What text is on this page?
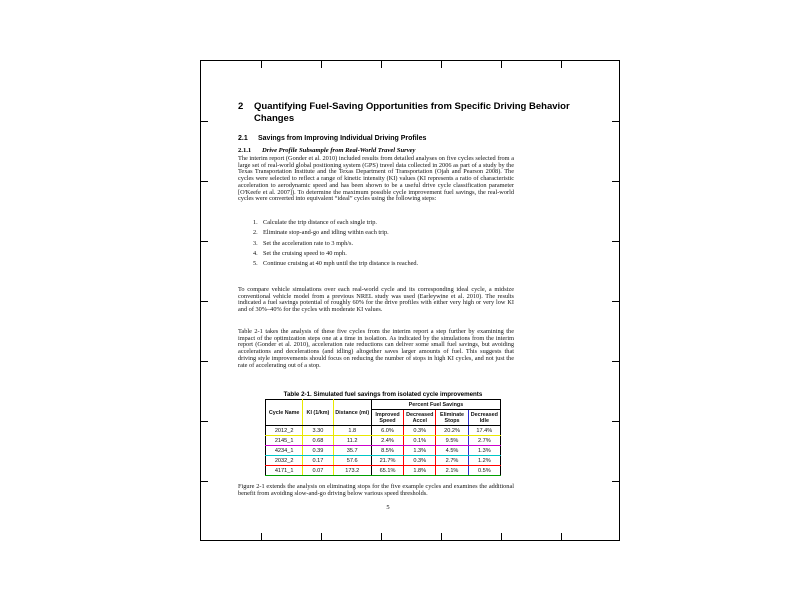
2 Quantifying Fuel-Saving Opportunities from Specific Driving Behavior Changes
2.1 Savings from Improving Individual Driving Profiles
2.1.1 Drive Profile Subsample from Real-World Travel Survey
The interim report (Gonder et al. 2010) included results from detailed analyses on five cycles selected from a large set of real-world global positioning system (GPS) travel data collected in 2006 as part of a study by the Texas Transportation Institute and the Texas Department of Transportation (Ojah and Pearson 2008). The cycles were selected to reflect a range of kinetic intensity (KI) values (KI represents a ratio of characteristic acceleration to aerodynamic speed and has been shown to be a useful drive cycle classification parameter [O'Keefe et al. 2007]). To determine the maximum possible cycle improvement fuel savings, the real-world cycles were converted into equivalent “ideal” cycles using the following steps:
1. Calculate the trip distance of each single trip.
2. Eliminate stop-and-go and idling within each trip.
3. Set the acceleration rate to 3 mph/s.
4. Set the cruising speed to 40 mph.
5. Continue cruising at 40 mph until the trip distance is reached.
To compare vehicle simulations over each real-world cycle and its corresponding ideal cycle, a midsize conventional vehicle model from a previous NREL study was used (Earleywine et al. 2010). The results indicated a fuel savings potential of roughly 60% for the drive profiles with either very high or very low KI and of 30%–40% for the cycles with moderate KI values.
Table 2-1 takes the analysis of these five cycles from the interim report a step further by examining the impact of the optimization steps one at a time in isolation. As indicated by the simulations from the interim report (Gonder et al. 2010), acceleration rate reductions can deliver some small fuel savings, but avoiding accelerations and decelerations (and idling) altogether saves larger amounts of fuel. This suggests that driving style improvements should focus on reducing the number of stops in high KI cycles, and not just the rate of accelerating out of a stop.
Table 2-1. Simulated fuel savings from isolated cycle improvements
Cycle Name	KI (1/km)	Distance (mi)	Percent Fuel Savings			
			Improved Speed	Decreased Accel	Eliminate Stops	Decreased Idle
2012_2	3.30	1.8	6.0%	0.3%	20.2%	17.4%
2145_1	0.68	11.2	2.4%	0.1%	9.5%	2.7%
4234_1	0.39	35.7	8.5%	1.3%	4.5%	1.3%
2032_2	0.17	57.6	21.7%	0.3%	2.7%	1.2%
4171_1	0.07	173.2	65.1%	1.8%	2.1%	0.5%
Figure 2-1 extends the analysis on eliminating stops for the five example cycles and examines the additional benefit from avoiding slow-and-go driving below various speed thresholds.
5
